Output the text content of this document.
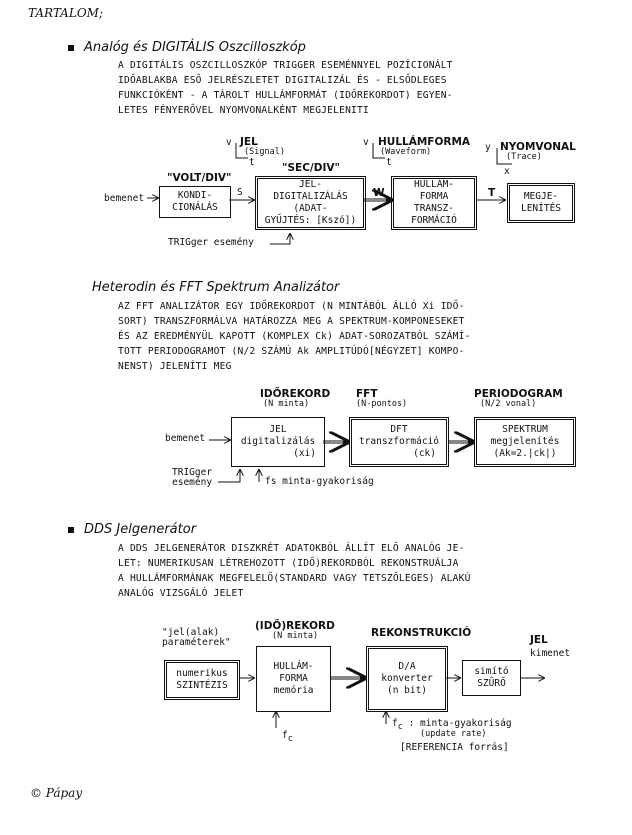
TARTALOM;
Analóg és DIGITÁLIS Oszcilloszkóp
A DIGITÁLIS OSZCILLOSZKÓP TRIGGER ESEMÉNNYEL POZÍCIONÁLT
IDŐABLAKBA ESŐ JELRÉSZLETET DIGITALIZÁL ÉS - ELSŐDLEGES
FUNKCIÓKÉNT - A TÁROLT HULLÁMFORMÁT (IDŐREKORDOT) EGYEN-
LETES FÉNYERŐVEL NYOMVONALKÉNT MEGJELENITI
v JEL
(Signal)
t
v HULLÁMFORMA
(Waveform)
t
y NYOMVONAL
(Trace)
x
"VOLT/DIV"
"SEC/DIV"
bemenet	KONDI-
CIONÁLÁS
S
JEL-
DIGITALIZÁLÁS
(ADAT-
GYŰJTÉS: [Kszó])
W
HULLÁM-
FORMA
TRANSZ-
FORMÁCIÓ
T	MEGJE-
LENÍTÉS
TRIGger esemény
Heterodin és FFT Spektrum Analizátor
AZ FFT ANALIZÁTOR EGY IDŐREKORDOT (N MINTÁBÓL ÁLLÓ Xi IDŐ-
SORT) TRANSZFORMÁLVA HATÁROZZA MEG A SPEKTRUM-KOMPONESEKET
ÉS AZ EREDMÉNYÜL KAPOTT (KOMPLEX Ck) ADAT-SOROZATBÓL SZÁMÍ-
TOTT PERIODOGRAMOT (N/2 SZÁMÚ Ak AMPLITÚDÓ[NÉGYZET] KOMPO-
NENST) JELENÍTI MEG
IDŐREKORD
(N minta)
FFT
(N-pontos)
PERIODOGRAM
(N/2 vonal)
bemenet
JEL
digitalizálás
(xi)
DFT
transzformáció
(ck)
SPEKTRUM
megjelenítés
(Ak=2.|ck|)
TRIGger
esemény	fs minta-gyakoriság
DDS Jelgenerátor
A DDS JELGENERÁTOR DISZKRÉT ADATOKBÓL ÁLLÍT ELŐ ANALÓG JE-
LET: NUMERIKUSAN LÉTREHOZOTT (IDŐ)REKORDBÓL REKONSTRUÁLJA
A HULLÁMFORMÁNAK MEGFELELŐ(STANDARD VAGY TETSZŐLEGES) ALAKÚ
ANALÓG VIZSGÁLÓ JELET
"jel(alak)
paraméterek"
(IDŐ)REKORD
(N minta)	REKONSTRUKCIÓ
JEL
kimenet
numerikus
SZINTÉZIS
HULLÁM-
FORMA
memória
D/A
konverter
(n bit)
simító
SZŰRŐ
$f_c$
$f_c$ : minta-gyakoriság
(update rate)
[REFERENCIA forrás]
© Pápay
